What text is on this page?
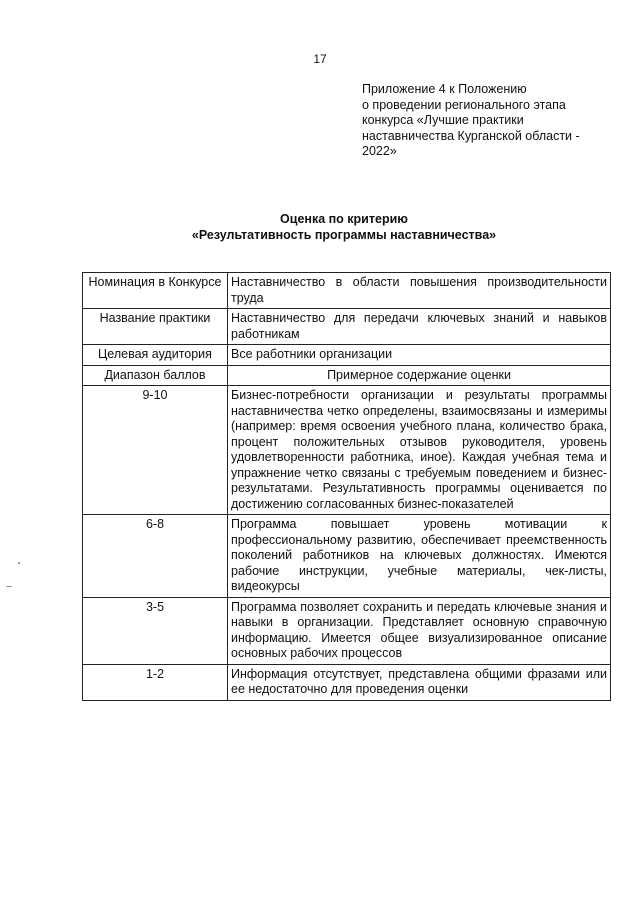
17
Приложение 4 к Положению
о проведении регионального этапа
конкурса «Лучшие практики
наставничества Курганской области -
2022»
Оценка по критерию
«Результативность программы наставничества»
Номинация в Конкурсе	Наставничество в области повышения производительности труда
Название практики	Наставничество для передачи ключевых знаний и навыков работникам
Целевая аудитория	Все работники организации
Диапазон баллов	Примерное содержание оценки
9-10	Бизнес-потребности организации и результаты программы наставничества четко определены, взаимосвязаны и измеримы (например: время освоения учебного плана, количество брака, процент положительных отзывов руководителя, уровень удовлетворенности работника, иное). Каждая учебная тема и упражнение четко связаны с требуемым поведением и бизнес-результатами. Результативность программы оценивается по достижению согласованных бизнес-показателей
6-8	Программа повышает уровень мотивации к профессиональному развитию, обеспечивает преемственность поколений работников на ключевых должностях. Имеются рабочие инструкции, учебные материалы, чек-листы, видеокурсы
3-5	Программа позволяет сохранить и передать ключевые знания и навыки в организации. Представляет основную справочную информацию. Имеется общее визуализированное описание основных рабочих процессов
1-2	Информация отсутствует, представлена общими фразами или ее недостаточно для проведения оценки
